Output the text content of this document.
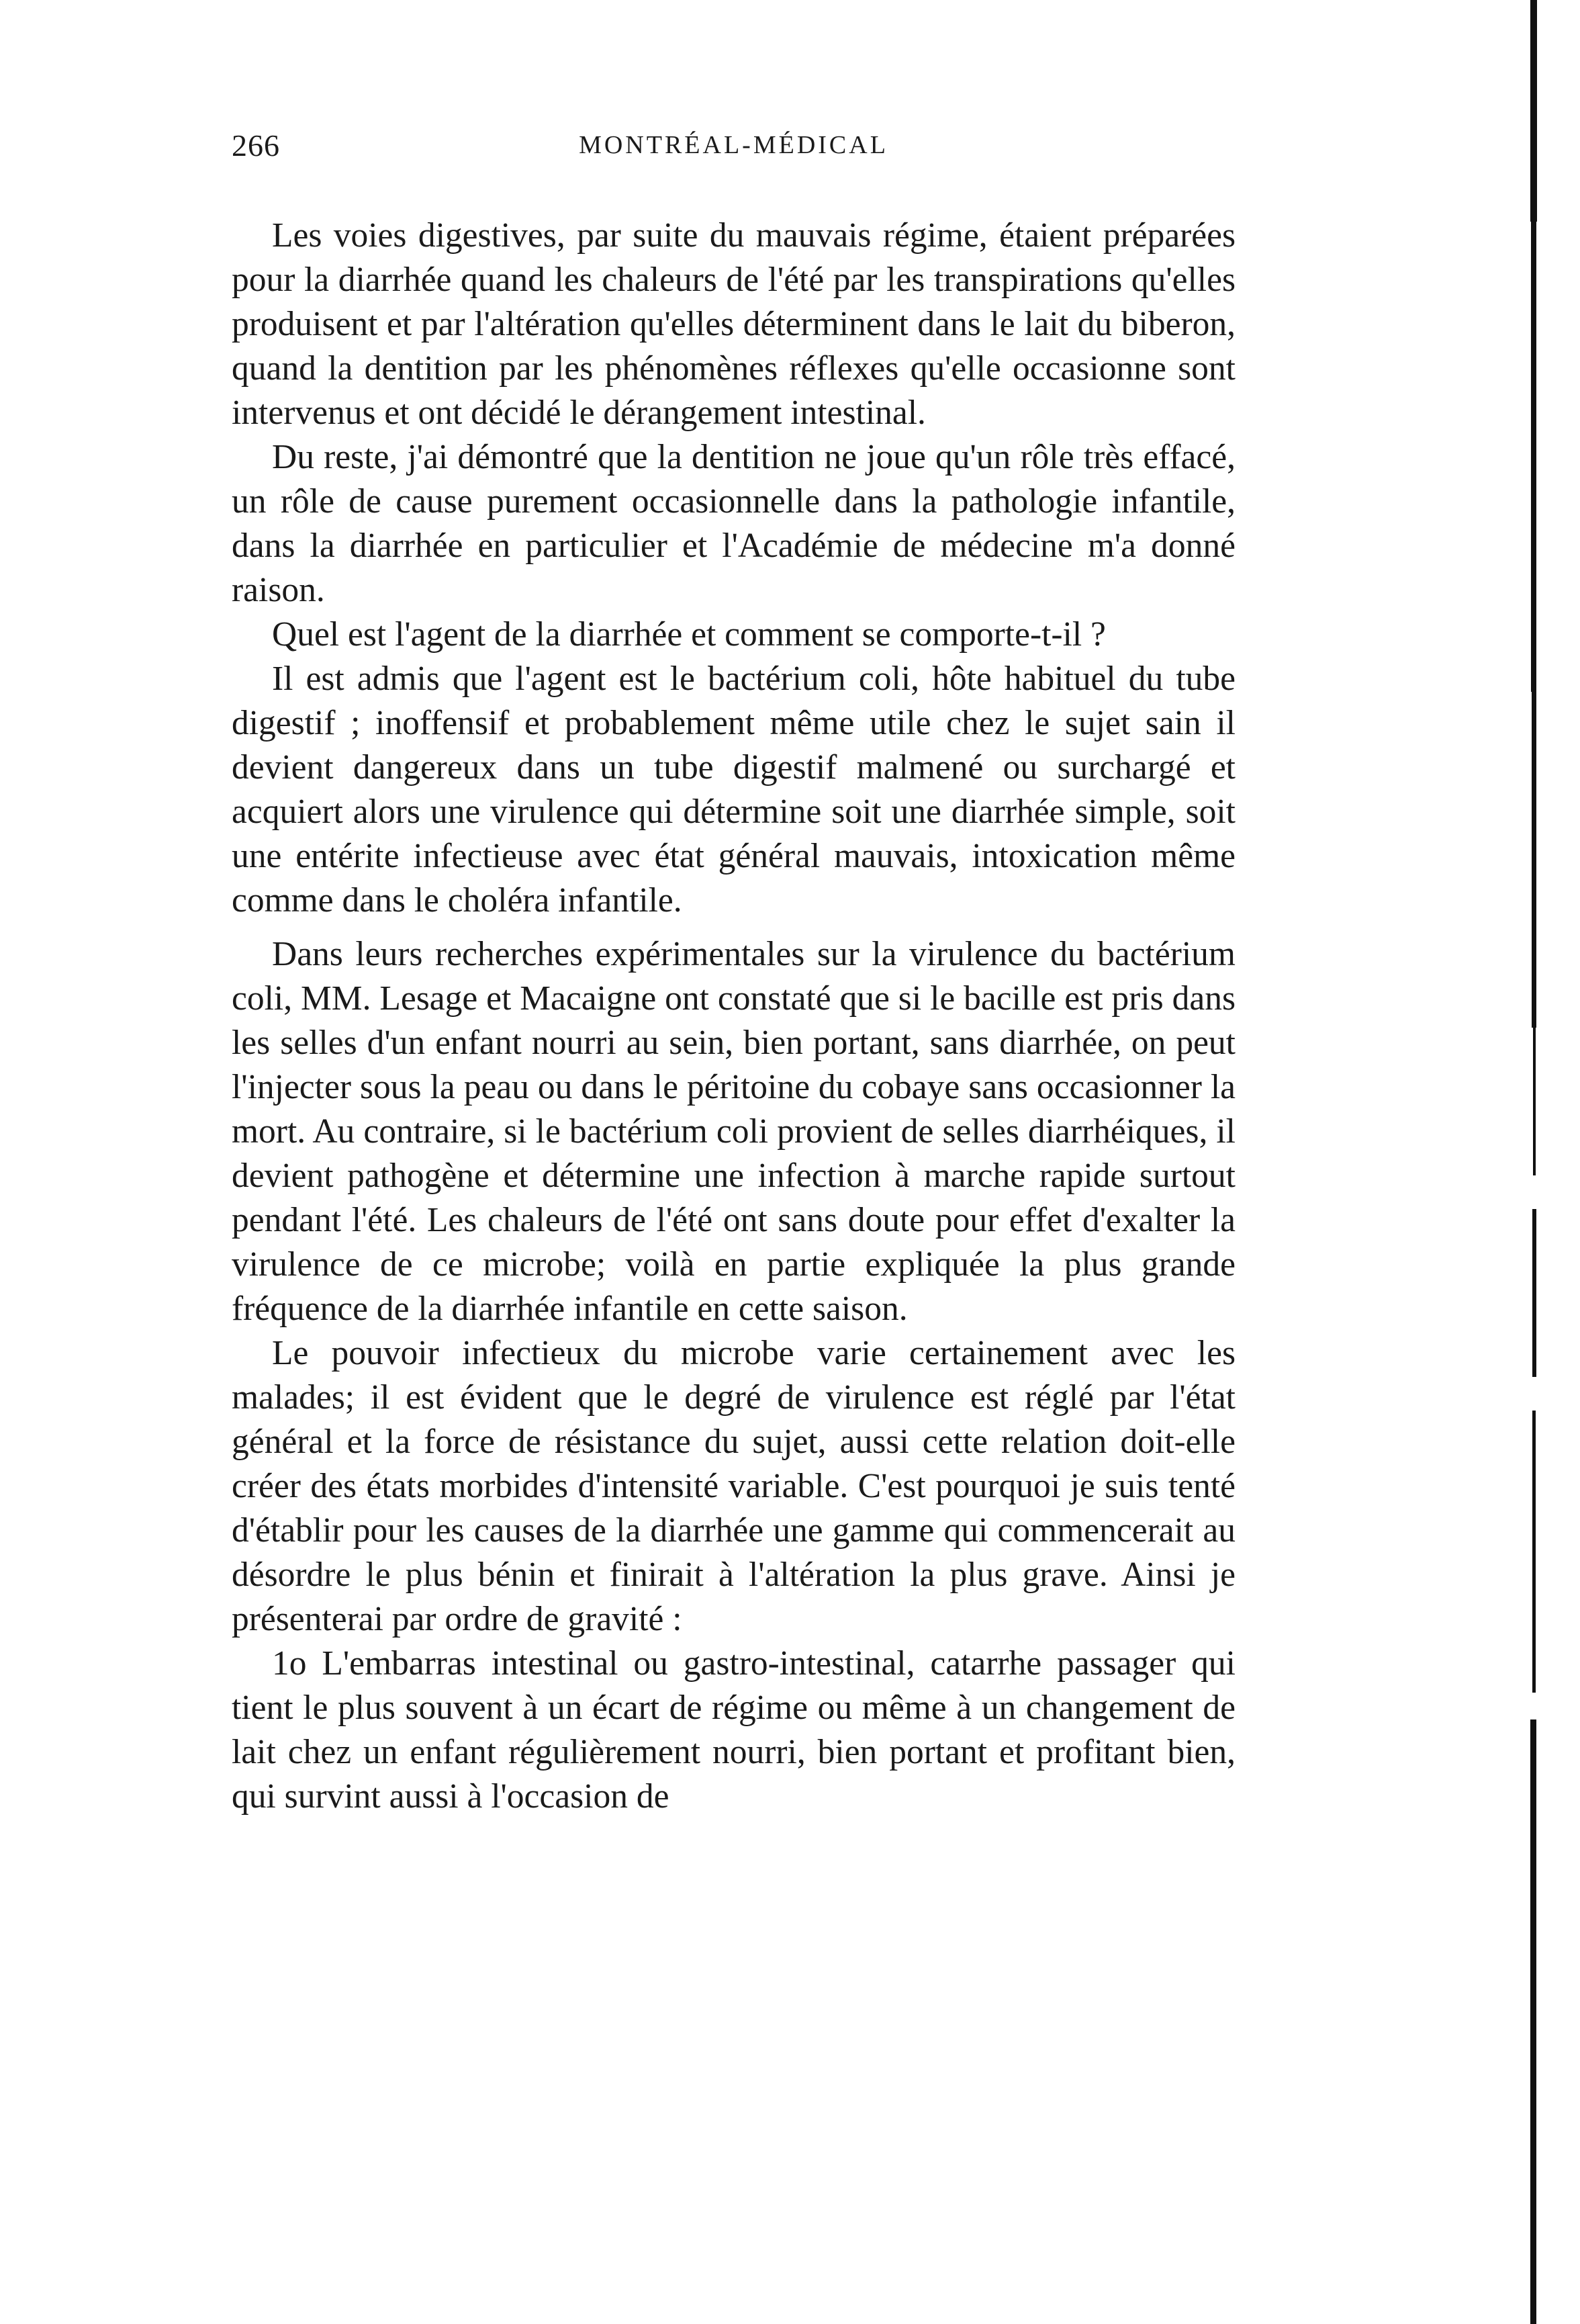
266	MONTRÉAL-MÉDICAL

Les voies digestives, par suite du mauvais régime, étaient préparées pour la diarrhée quand les chaleurs de l'été par les transpirations qu'elles produisent et par l'altération qu'elles déterminent dans le lait du biberon, quand la dentition par les phénomènes réflexes qu'elle occasionne sont intervenus et ont décidé le dérangement intestinal.

Du reste, j'ai démontré que la dentition ne joue qu'un rôle très effacé, un rôle de cause purement occasionnelle dans la pathologie infantile, dans la diarrhée en particulier et l'Académie de médecine m'a donné raison.

Quel est l'agent de la diarrhée et comment se comporte-t-il ?

Il est admis que l'agent est le bactérium coli, hôte habituel du tube digestif ; inoffensif et probablement même utile chez le sujet sain il devient dangereux dans un tube digestif malmené ou surchargé et acquiert alors une virulence qui détermine soit une diarrhée simple, soit une entérite infectieuse avec état général mauvais, intoxication même comme dans le choléra infantile.

Dans leurs recherches expérimentales sur la virulence du bactérium coli, MM. Lesage et Macaigne ont constaté que si le bacille est pris dans les selles d'un enfant nourri au sein, bien portant, sans diarrhée, on peut l'injecter sous la peau ou dans le péritoine du cobaye sans occasionner la mort. Au contraire, si le bactérium coli provient de selles diarrhéiques, il devient pathogène et détermine une infection à marche rapide surtout pendant l'été. Les chaleurs de l'été ont sans doute pour effet d'exalter la virulence de ce microbe; voilà en partie expliquée la plus grande fréquence de la diarrhée infantile en cette saison.

Le pouvoir infectieux du microbe varie certainement avec les malades; il est évident que le degré de virulence est réglé par l'état général et la force de résistance du sujet, aussi cette relation doit-elle créer des états morbides d'intensité variable. C'est pourquoi je suis tenté d'établir pour les causes de la diarrhée une gamme qui commencerait au désordre le plus bénin et finirait à l'altération la plus grave. Ainsi je présenterai par ordre de gravité :

1o L'embarras intestinal ou gastro-intestinal, catarrhe passager qui tient le plus souvent à un écart de régime ou même à un changement de lait chez un enfant régulièrement nourri, bien portant et profitant bien, qui survint aussi à l'occasion de
